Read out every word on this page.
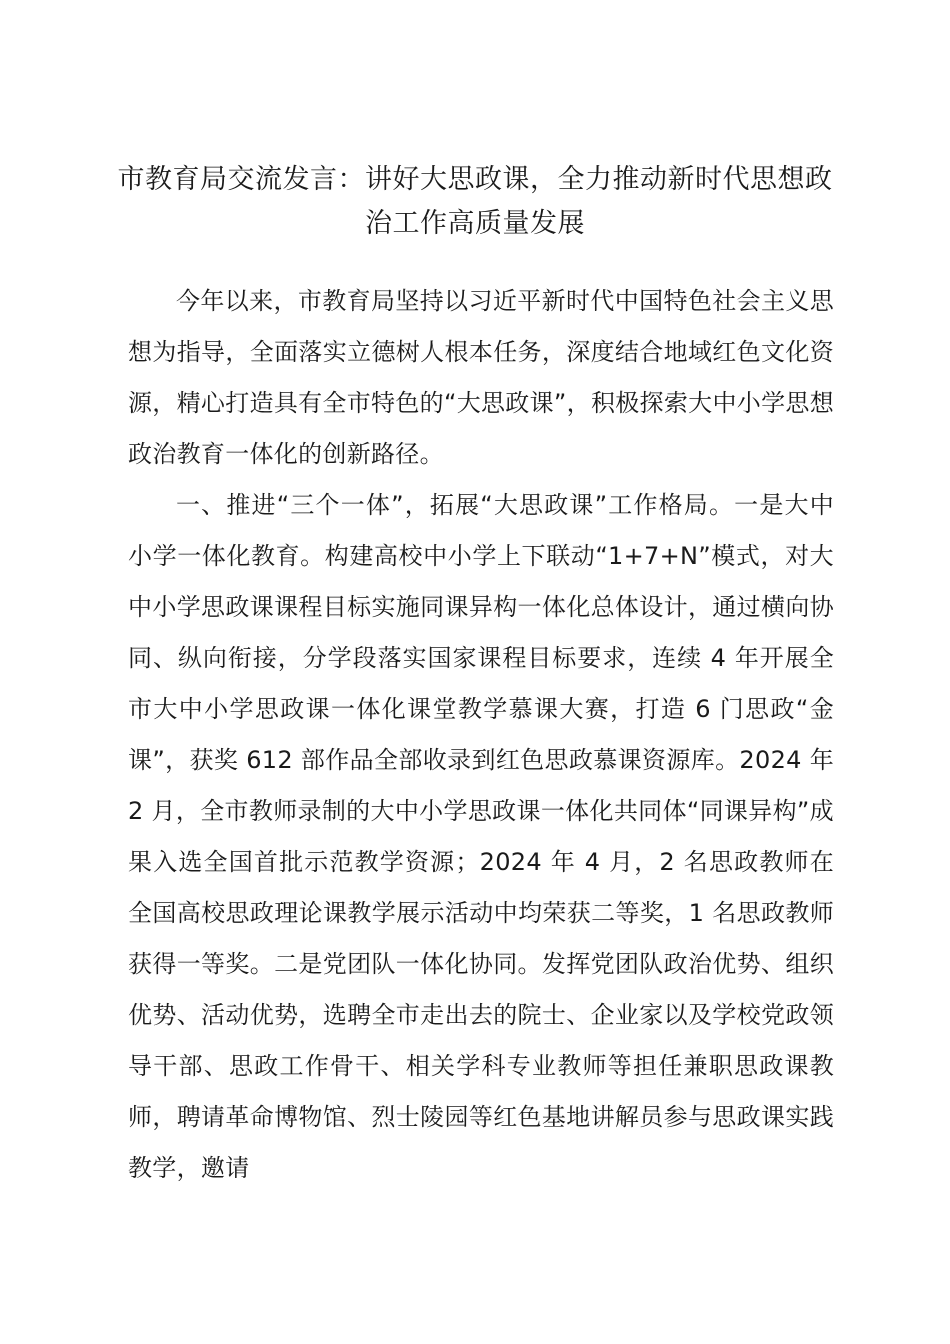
市教育局交流发言：讲好大思政课，全力推动新时代思想政治工作高质量发展

今年以来，市教育局坚持以习近平新时代中国特色社会主义思想为指导，全面落实立德树人根本任务，深度结合地域红色文化资源，精心打造具有全市特色的“大思政课”，积极探索大中小学思想政治教育一体化的创新路径。

一、推进“三个一体”，拓展“大思政课”工作格局。一是大中小学一体化教育。构建高校中小学上下联动“1+7+N”模式，对大中小学思政课课程目标实施同课异构一体化总体设计，通过横向协同、纵向衔接，分学段落实国家课程目标要求，连续 4 年开展全市大中小学思政课一体化课堂教学慕课大赛，打造 6 门思政“金课”，获奖 612 部作品全部收录到红色思政慕课资源库。2024 年 2 月，全市教师录制的大中小学思政课一体化共同体“同课异构”成果入选全国首批示范教学资源；2024 年 4 月，2 名思政教师在全国高校思政理论课教学展示活动中均荣获二等奖，1 名思政教师获得一等奖。二是党团队一体化协同。发挥党团队政治优势、组织优势、活动优势，选聘全市走出去的院士、企业家以及学校党政领导干部、思政工作骨干、相关学科专业教师等担任兼职思政课教师，聘请革命博物馆、烈士陵园等红色基地讲解员参与思政课实践教学，邀请
